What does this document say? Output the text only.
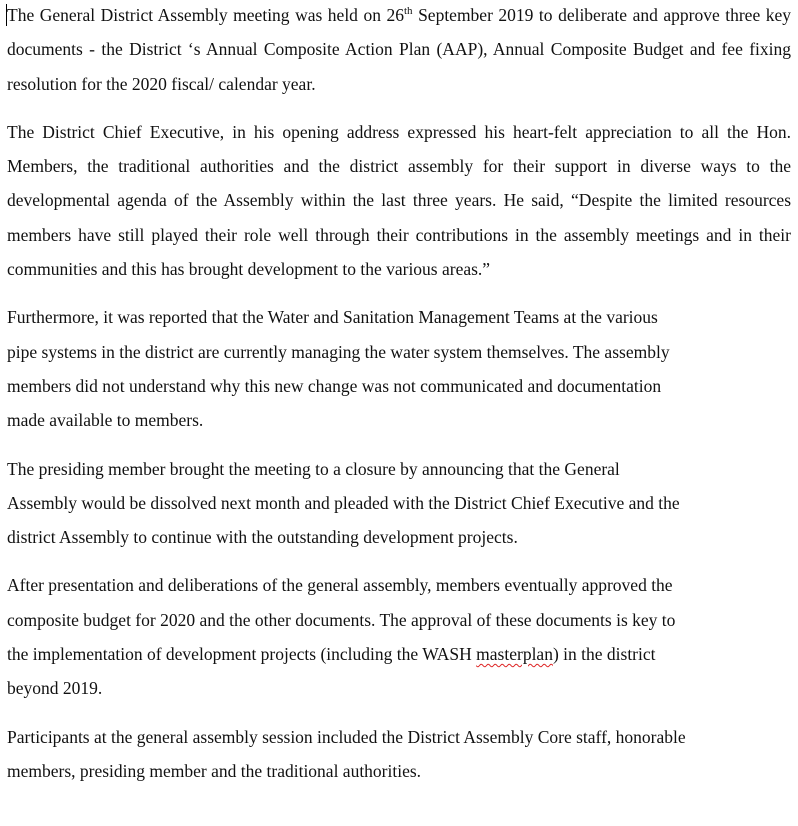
The General District Assembly meeting was held on 26th September 2019 to deliberate and approve three key documents - the District ‘s Annual Composite Action Plan (AAP), Annual Composite Budget and fee fixing resolution for the 2020 fiscal/ calendar year.

The District Chief Executive, in his opening address expressed his heart-felt appreciation to all the Hon. Members, the traditional authorities and the district assembly for their support in diverse ways to the developmental agenda of the Assembly within the last three years. He said, “Despite the limited resources members have still played their role well through their contributions in the assembly meetings and in their communities and this has brought development to the various areas.”

Furthermore, it was reported that the Water and Sanitation Management Teams at the various
pipe systems in the district are currently managing the water system themselves. The assembly
members did not understand why this new change was not communicated and documentation
made available to members.

The presiding member brought the meeting to a closure by announcing that the General
Assembly would be dissolved next month and pleaded with the District Chief Executive and the
district Assembly to continue with the outstanding development projects.

After presentation and deliberations of the general assembly, members eventually approved the
composite budget for 2020 and the other documents. The approval of these documents is key to
the implementation of development projects (including the WASH masterplan) in the district
beyond 2019.

Participants at the general assembly session included the District Assembly Core staff, honorable
members, presiding member and the traditional authorities.
